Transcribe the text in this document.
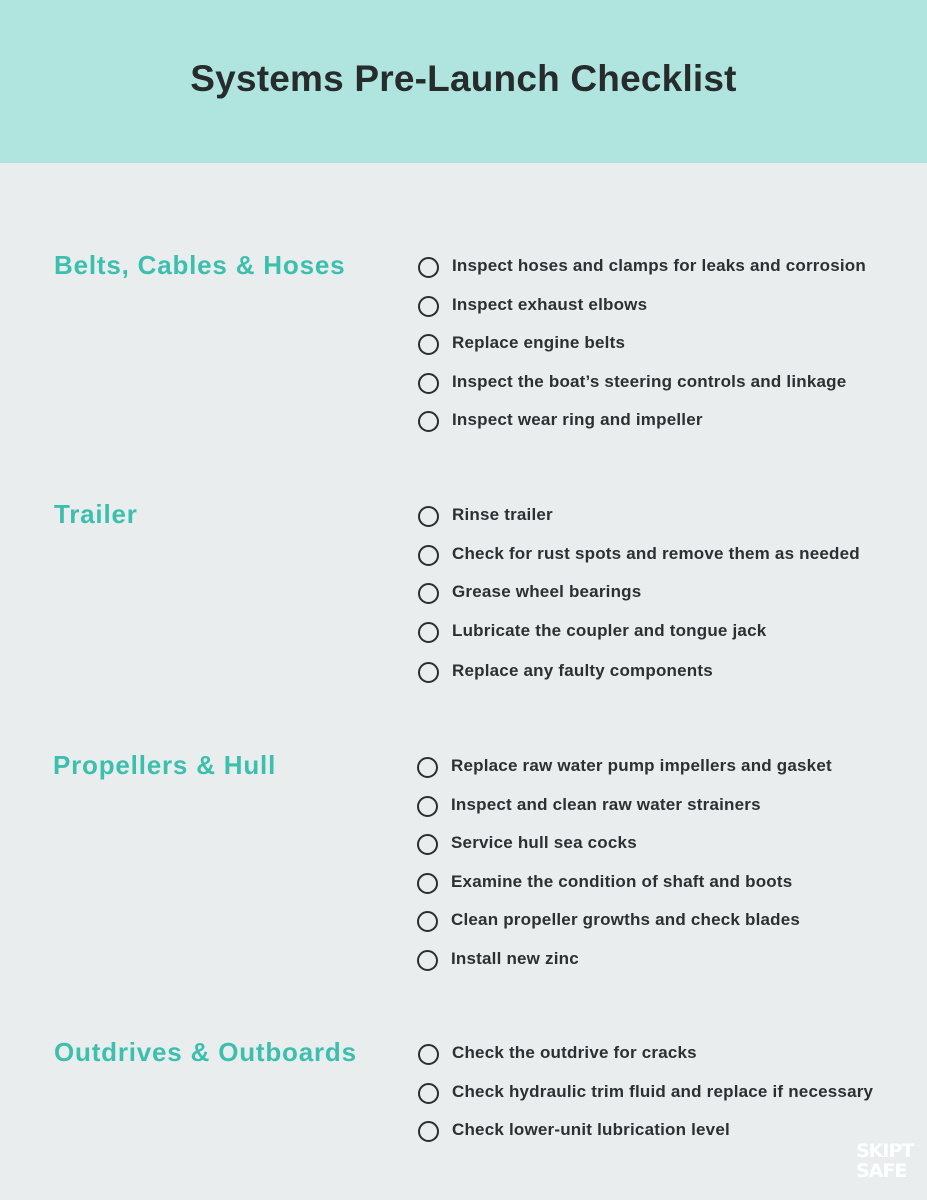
Systems Pre-Launch Checklist
Belts, Cables & Hoses	Inspect hoses and clamps for leaks and corrosion
Inspect exhaust elbows
Replace engine belts
Inspect the boat’s steering controls and linkage
Inspect wear ring and impeller
Trailer	Rinse trailer
Check for rust spots and remove them as needed
Grease wheel bearings
Lubricate the coupler and tongue jack
Replace any faulty components
Propellers & Hull	Replace raw water pump impellers and gasket
Inspect and clean raw water strainers
Service hull sea cocks
Examine the condition of shaft and boots
Clean propeller growths and check blades
Install new zinc
Outdrives & Outboards	Check the outdrive for cracks
Check hydraulic trim fluid and replace if necessary
Check lower-unit lubrication level
SKIPT
SAFE
